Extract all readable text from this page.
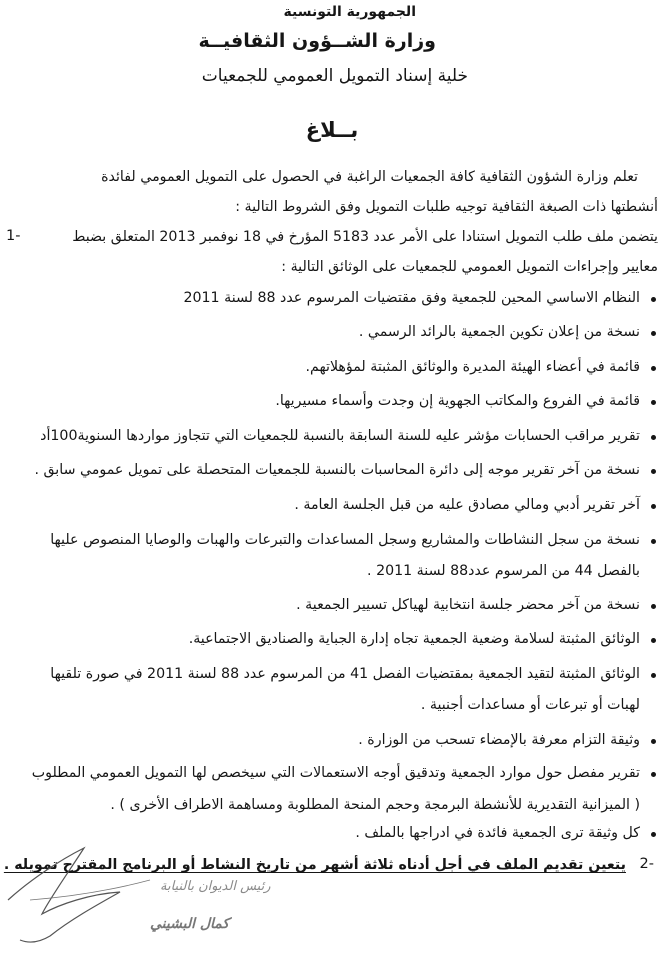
الجمهورية التونسية
وزارة الشــؤون الثقافيــة
خلية إسناد التمويل العمومي للجمعيات
بــلاغ
تعلم وزارة الشؤون الثقافية كافة الجمعيات الراغبة في الحصول على التمويل العمومي لفائدة
أنشطتها ذات الصبغة الثقافية توجيه طلبات التمويل وفق الشروط التالية :
1-	يتضمن ملف طلب التمويل استنادا على الأمر عدد 5183 المؤرخ في 18 نوفمبر 2013 المتعلق بضبط
معايير وإجراءات التمويل العمومي للجمعيات على الوثائق التالية :
النظام الاساسي المحين للجمعية وفق مقتضيات المرسوم عدد 88 لسنة 2011
نسخة من إعلان تكوين الجمعية بالرائد الرسمي .
قائمة في أعضاء الهيئة المديرة والوثائق المثبتة لمؤهلاتهم.
قائمة في الفروع والمكاتب الجهوية إن وجدت وأسماء مسيريها.
تقرير مراقب الحسابات مؤشر عليه للسنة السابقة بالنسبة للجمعيات التي تتجاوز مواردها السنوية100أد
نسخة من آخر تقرير موجه إلى دائرة المحاسبات بالنسبة للجمعيات المتحصلة على تمويل عمومي سابق .
آخر تقرير أدبي ومالي مصادق عليه من قبل الجلسة العامة .
نسخة من سجل النشاطات والمشاريع وسجل المساعدات والتبرعات والهبات والوصايا المنصوص عليها
بالفصل 44 من المرسوم عدد88 لسنة 2011 .
نسخة من آخر محضر جلسة انتخابية لهياكل تسيير الجمعية .
الوثائق المثبتة لسلامة وضعية الجمعية تجاه إدارة الجباية والصناديق الاجتماعية.
الوثائق المثبتة لتقيد الجمعية بمقتضيات الفصل 41 من المرسوم عدد 88 لسنة 2011 في صورة تلقيها
لهبات أو تبرعات أو مساعدات أجنبية .
وثيقة التزام معرفة بالإمضاء تسحب من الوزارة .
تقرير مفصل حول موارد الجمعية وتدقيق أوجه الاستعمالات التي سيخصص لها التمويل العمومي المطلوب
( الميزانية التقديرية للأنشطة البرمجة وحجم المنحة المطلوبة ومساهمة الاطراف الأخرى ) .
كل وثيقة ترى الجمعية فائدة في ادراجها بالملف .
2-
يتعين تقديم الملف في أجل أدناه ثلاثة أشهر من تاريخ النشاط أو البرنامج المقترح تمويله .
رئيس الديوان بالنيابة
كمال البشيني
